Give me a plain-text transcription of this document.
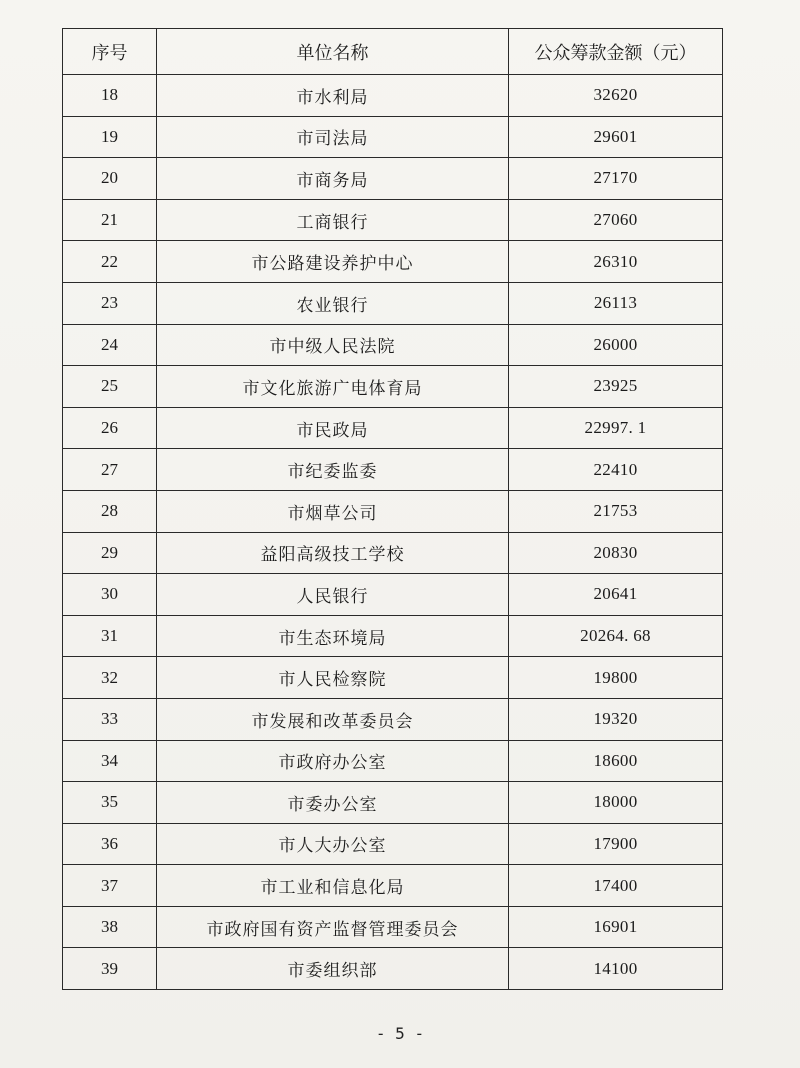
序号	单位名称	公众筹款金额（元）
18	市水利局	32620
19	市司法局	29601
20	市商务局	27170
21	工商银行	27060
22	市公路建设养护中心	26310
23	农业银行	26113
24	市中级人民法院	26000
25	市文化旅游广电体育局	23925
26	市民政局	22997. 1
27	市纪委监委	22410
28	市烟草公司	21753
29	益阳高级技工学校	20830
30	人民银行	20641
31	市生态环境局	20264. 68
32	市人民检察院	19800
33	市发展和改革委员会	19320
34	市政府办公室	18600
35	市委办公室	18000
36	市人大办公室	17900
37	市工业和信息化局	17400
38	市政府国有资产监督管理委员会	16901
39	市委组织部	14100
- 5 -
